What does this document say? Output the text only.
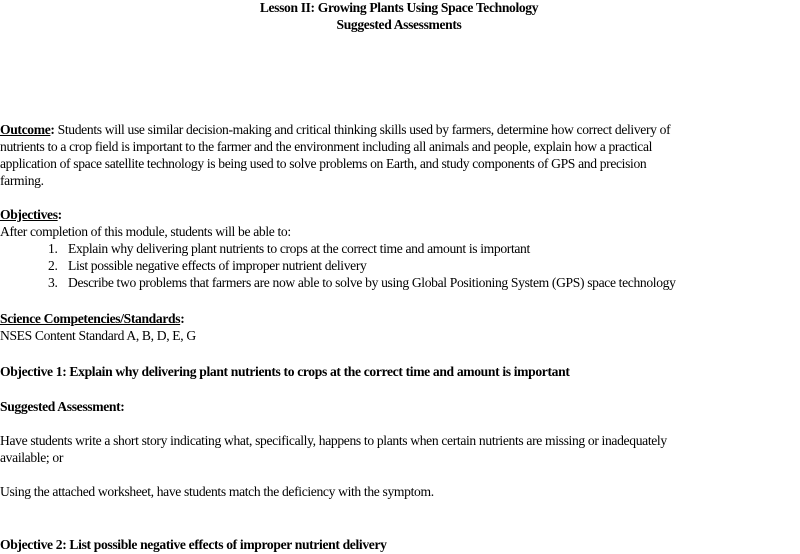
Lesson II: Growing Plants Using Space Technology
Suggested Assessments
Outcome: Students will use similar decision-making and critical thinking skills used by farmers, determine how correct delivery of
nutrients to a crop field is important to the farmer and the environment including all animals and people, explain how a practical
application of space satellite technology is being used to solve problems on Earth, and study components of GPS and precision
farming.
Objectives:
After completion of this module, students will be able to:
1. Explain why delivering plant nutrients to crops at the correct time and amount is important
2. List possible negative effects of improper nutrient delivery
3. Describe two problems that farmers are now able to solve by using Global Positioning System (GPS) space technology
Science Competencies/Standards:
NSES Content Standard A, B, D, E, G
Objective 1: Explain why delivering plant nutrients to crops at the correct time and amount is important
Suggested Assessment:
Have students write a short story indicating what, specifically, happens to plants when certain nutrients are missing or inadequately
available; or
Using the attached worksheet, have students match the deficiency with the symptom.
Objective 2: List possible negative effects of improper nutrient delivery
